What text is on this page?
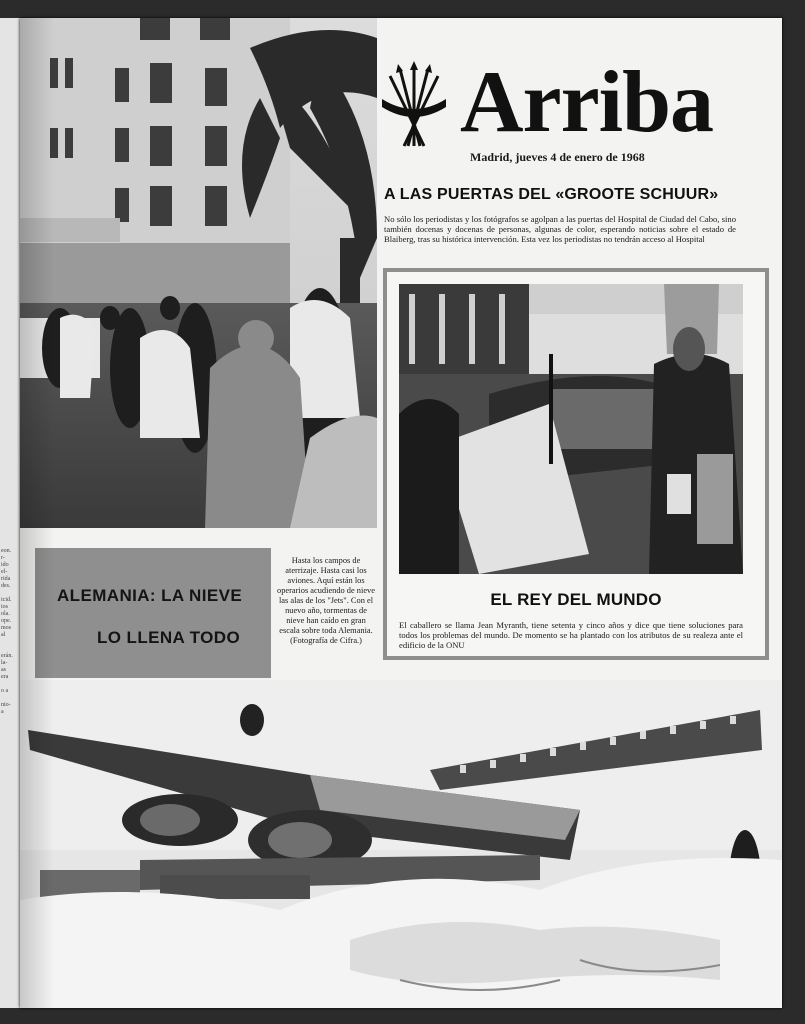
eon.
r-
ido
el-
rida
des.

icid.
ios
ola.
ope.
mos
al

erán.
la-
as
era

o a

nio-
a
Arriba
Madrid, jueves 4 de enero de 1968
A LAS PUERTAS DEL «GROOTE SCHUUR»
No sólo los periodistas y los fotógrafos se agolpan a las puertas del Hospital de Ciudad del Cabo, sino también docenas y docenas de personas, algunas de color, esperando noticias sobre el estado de Blaiberg, tras su histórica intervención. Esta vez los periodistas no tendrán acceso al Hospital
EL REY DEL MUNDO
El caballero se llama Jean Myranth, tiene setenta y cinco años y dice que tiene soluciones para todos los problemas del mundo. De momento se ha plantado con los atributos de su realeza ante el edificio de la ONU
ALEMANIA: LA NIEVE
LO LLENA TODO
Hasta los campos de aterrizaje. Hasta casi los aviones. Aquí están los operarios acudiendo de nieve las alas de los "Jets". Con el nuevo año, tormentas de nieve han caído en gran escala sobre toda Alemania. (Fotografía de Cifra.)
